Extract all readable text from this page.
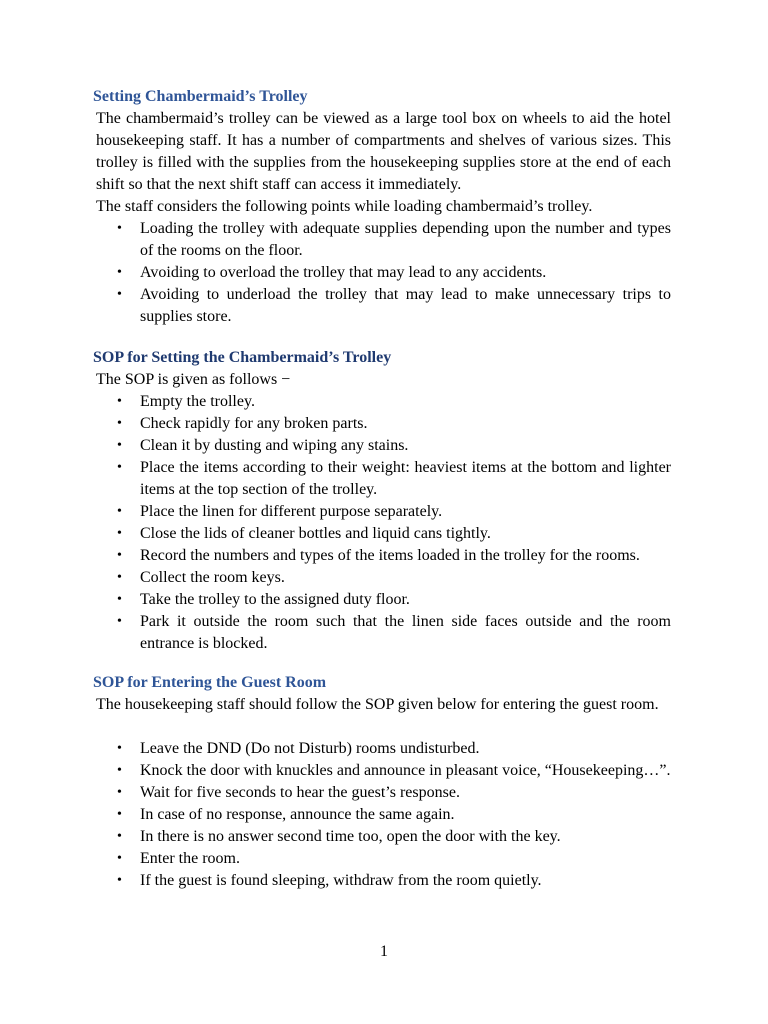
Setting Chambermaid’s Trolley

The chambermaid’s trolley can be viewed as a large tool box on wheels to aid the hotel housekeeping staff. It has a number of compartments and shelves of various sizes. This trolley is filled with the supplies from the housekeeping supplies store at the end of each shift so that the next shift staff can access it immediately.

The staff considers the following points while loading chambermaid’s trolley.

• Loading the trolley with adequate supplies depending upon the number and types of the rooms on the floor.
• Avoiding to overload the trolley that may lead to any accidents.
• Avoiding to underload the trolley that may lead to make unnecessary trips to supplies store.
SOP for Setting the Chambermaid’s Trolley

The SOP is given as follows −

• Empty the trolley.
• Check rapidly for any broken parts.
• Clean it by dusting and wiping any stains.
• Place the items according to their weight: heaviest items at the bottom and lighter items at the top section of the trolley.
• Place the linen for different purpose separately.
• Close the lids of cleaner bottles and liquid cans tightly.
• Record the numbers and types of the items loaded in the trolley for the rooms.
• Collect the room keys.
• Take the trolley to the assigned duty floor.
• Park it outside the room such that the linen side faces outside and the room entrance is blocked.
SOP for Entering the Guest Room

The housekeeping staff should follow the SOP given below for entering the guest room.

• Leave the DND (Do not Disturb) rooms undisturbed.
• Knock the door with knuckles and announce in pleasant voice, “Housekeeping…”.
• Wait for five seconds to hear the guest’s response.
• In case of no response, announce the same again.
• In there is no answer second time too, open the door with the key.
• Enter the room.
• If the guest is found sleeping, withdraw from the room quietly.
1
